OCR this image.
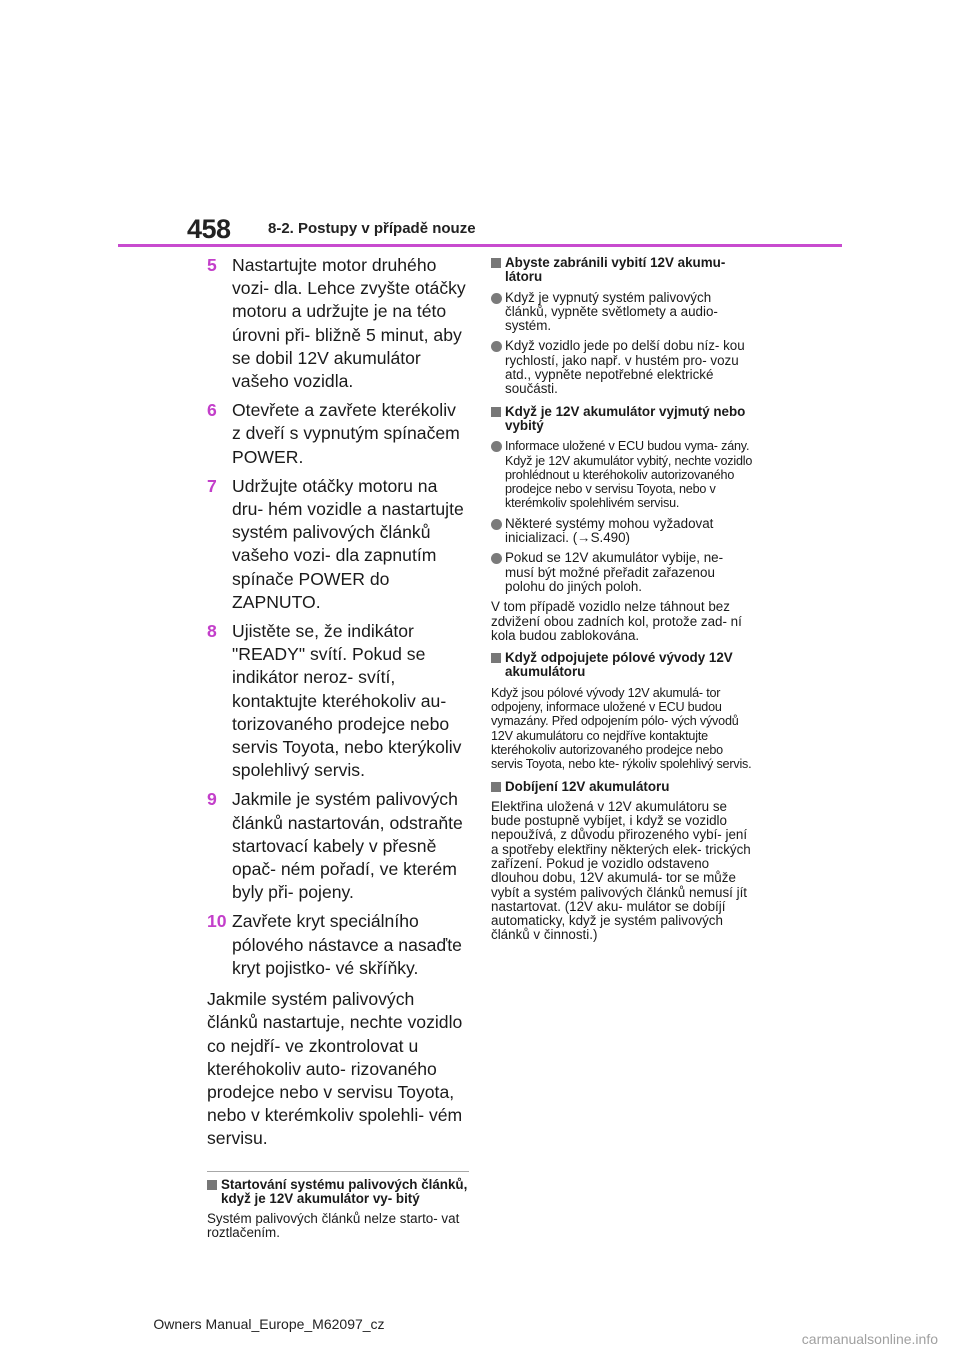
458 8-2. Postupy v případě nouze
5 Nastartujte motor druhého vozi- dla. Lehce zvyšte otáčky motoru a udržujte je na této úrovni při- bližně 5 minut, aby se dobil 12V akumulátor vašeho vozidla.
6 Otevřete a zavřete kterékoliv z dveří s vypnutým spínačem POWER.
7 Udržujte otáčky motoru na dru- hém vozidle a nastartujte systém palivových článků vašeho vozi- dla zapnutím spínače POWER do ZAPNUTO.
8 Ujistěte se, že indikátor "READY" svítí. Pokud se indikátor neroz- svítí, kontaktujte kteréhokoliv au- torizovaného prodejce nebo servis Toyota, nebo kterýkoliv spolehlivý servis.
9 Jakmile je systém palivových článků nastartován, odstraňte startovací kabely v přesně opač- ném pořadí, ve kterém byly při- pojeny.
10 Zavřete kryt speciálního pólového nástavce a nasaďte kryt pojistko- vé skříňky.
Jakmile systém palivových článků nastartuje, nechte vozidlo co nejdří- ve zkontrolovat u kteréhokoliv auto- rizovaného prodejce nebo v servisu Toyota, nebo v kterémkoliv spolehli- vém servisu.
Startování systému palivových článků, když je 12V akumulátor vy- bitý
Systém palivových článků nelze starto- vat roztlačením.
Abyste zabránili vybití 12V akumu- látoru
Když je vypnutý systém palivových článků, vypněte světlomety a audio- systém.
Když vozidlo jede po delší dobu níz- kou rychlostí, jako např. v hustém pro- vozu atd., vypněte nepotřebné elektrické součásti.
Když je 12V akumulátor vyjmutý nebo vybitý
Informace uložené v ECU budou vyma- zány. Když je 12V akumulátor vybitý, nechte vozidlo prohlédnout u kteréhokoliv autorizovaného prodejce nebo v servisu Toyota, nebo v kterémkoliv spolehlivém servisu.
Některé systémy mohou vyžadovat inicializaci. (→S.490)
Pokud se 12V akumulátor vybije, ne- musí být možné přeřadit zařazenou polohu do jiných poloh.
V tom případě vozidlo nelze táhnout bez zdvižení obou zadních kol, protože zad- ní kola budou zablokována.
Když odpojujete pólové vývody 12V akumulátoru
Když jsou pólové vývody 12V akumulá- tor odpojeny, informace uložené v ECU budou vymazány. Před odpojením pólo- vých vývodů 12V akumulátoru co nejdříve kontaktujte kteréhokoliv autorizovaného prodejce nebo servis Toyota, nebo kte- rýkoliv spolehlivý servis.
Dobíjení 12V akumulátoru
Elektřina uložená v 12V akumulátoru se bude postupně vybíjet, i když se vozidlo nepoužívá, z důvodu přirozeného vybí- jení a spotřeby elektřiny některých elek- trických zařízení. Pokud je vozidlo odstaveno dlouhou dobu, 12V akumulá- tor se může vybít a systém palivových článků nemusí jít nastartovat. (12V aku- mulátor se dobíjí automaticky, když je systém palivových článků v činnosti.)
Owners Manual_Europe_M62097_cz
carmanualsonline.info
